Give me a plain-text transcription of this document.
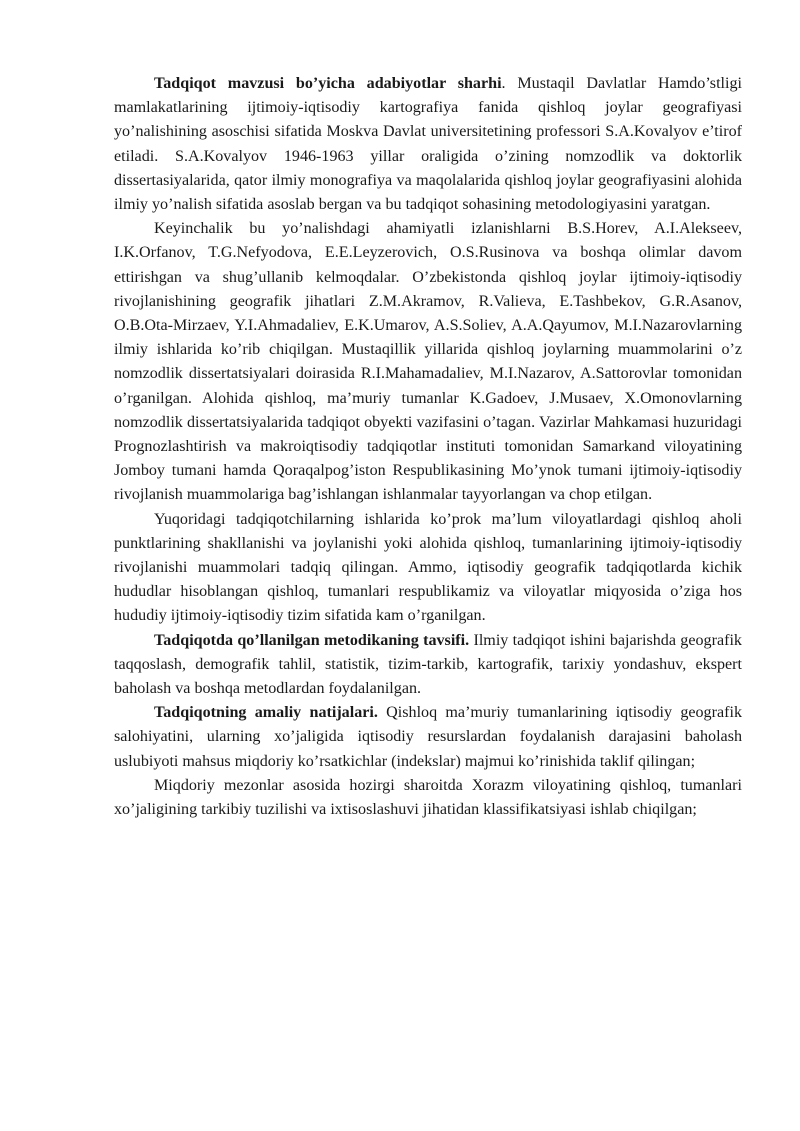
Tadqiqot mavzusi bo’yicha adabiyotlar sharhi. Mustaqil Davlatlar Hamdo’stligi mamlakatlarining ijtimoiy-iqtisodiy kartografiya fanida qishloq joylar geografiyasi yo’nalishining asoschisi sifatida Moskva Davlat universitetining professori S.A.Kovalyov e’tirof etiladi. S.A.Kovalyov 1946-1963 yillar oraligida o’zining nomzodlik va doktorlik dissertasiyalarida, qator ilmiy monografiya va maqolalarida qishloq joylar geografiyasini alohida ilmiy yo’nalish sifatida asoslab bergan va bu tadqiqot sohasining metodologiyasini yaratgan.

Keyinchalik bu yo’nalishdagi ahamiyatli izlanishlarni B.S.Horev, A.I.Alekseev, I.K.Orfanov, T.G.Nefyodova, E.E.Leyzerovich, O.S.Rusinova va boshqa olimlar davom ettirishgan va shug’ullanib kelmoqdalar. O’zbekistonda qishloq joylar ijtimoiy-iqtisodiy rivojlanishining geografik jihatlari Z.M.Akramov, R.Valieva, E.Tashbekov, G.R.Asanov, O.B.Ota-Mirzaev, Y.I.Ahmadaliev, E.K.Umarov, A.S.Soliev, A.A.Qayumov, M.I.Nazarovlarning ilmiy ishlarida ko’rib chiqilgan. Mustaqillik yillarida qishloq joylarning muammolarini o’z nomzodlik dissertatsiyalari doirasida R.I.Mahamadaliev, M.I.Nazarov, A.Sattorovlar tomonidan o’rganilgan. Alohida qishloq, ma’muriy tumanlar K.Gadoev, J.Musaev, X.Omonovlarning nomzodlik dissertatsiyalarida tadqiqot obyekti vazifasini o’tagan. Vazirlar Mahkamasi huzuridagi Prognozlashtirish va makroiqtisodiy tadqiqotlar instituti tomonidan Samarkand viloyatining Jomboy tumani hamda Qoraqalpog’iston Respublikasining Mo’ynok tumani ijtimoiy-iqtisodiy rivojlanish muammolariga bag’ishlangan ishlanmalar tayyorlangan va chop etilgan.

Yuqoridagi tadqiqotchilarning ishlarida ko’prok ma’lum viloyatlardagi qishloq aholi punktlarining shakllanishi va joylanishi yoki alohida qishloq, tumanlarining ijtimoiy-iqtisodiy rivojlanishi muammolari tadqiq qilingan. Ammo, iqtisodiy geografik tadqiqotlarda kichik hududlar hisoblangan qishloq, tumanlari respublikamiz va viloyatlar miqyosida o’ziga hos hududiy ijtimoiy-iqtisodiy tizim sifatida kam o’rganilgan.

Tadqiqotda qo’llanilgan metodikaning tavsifi. Ilmiy tadqiqot ishini bajarishda geografik taqqoslash, demografik tahlil, statistik, tizim-tarkib, kartografik, tarixiy yondashuv, ekspert baholash va boshqa metodlardan foydalanilgan.

Tadqiqotning amaliy natijalari. Qishloq ma’muriy tumanlarining iqtisodiy geografik salohiyatini, ularning xo’jaligida iqtisodiy resurslardan foydalanish darajasini baholash uslubiyoti mahsus miqdoriy ko’rsatkichlar (indekslar) majmui ko’rinishida taklif qilingan;

Miqdoriy mezonlar asosida hozirgi sharoitda Xorazm viloyatining qishloq, tumanlari xo’jaligining tarkibiy tuzilishi va ixtisoslashuvi jihatidan klassifikatsiyasi ishlab chiqilgan;
